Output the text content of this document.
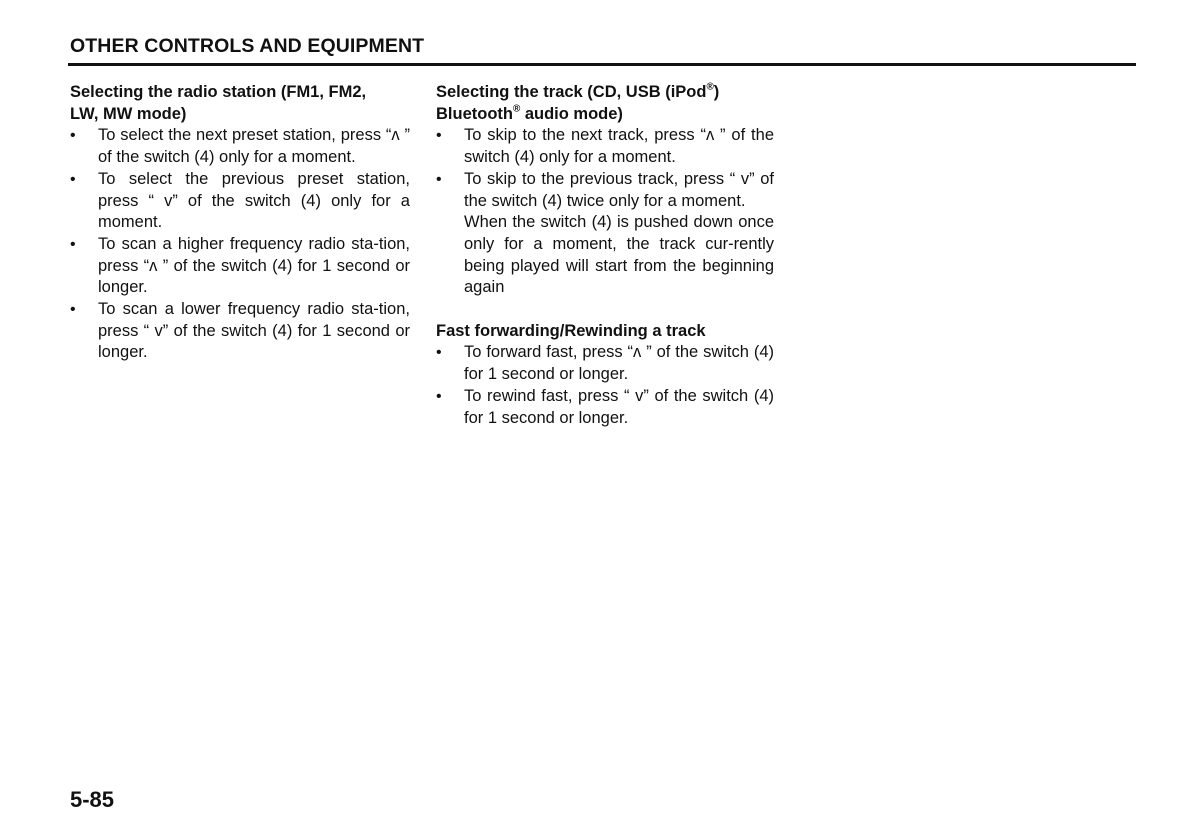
OTHER CONTROLS AND EQUIPMENT

Selecting the radio station (FM1, FM2,
LW, MW mode)

• To select the next preset station, press “ʌ ” of the switch (4) only for a moment.
• To select the previous preset station, press “ v” of the switch (4) only for a moment.
• To scan a higher frequency radio sta-tion, press “ʌ ” of the switch (4) for 1 second or longer.
• To scan a lower frequency radio sta-tion, press “ v” of the switch (4) for 1 second or longer.

Selecting the track (CD, USB (iPod®)
Bluetooth® audio mode)

• To skip to the next track, press “ʌ ” of the switch (4) only for a moment.
• To skip to the previous track, press “ v” of the switch (4) twice only for a moment.

When the switch (4) is pushed down once only for a moment, the track cur-rently being played will start from the beginning again

Fast forwarding/Rewinding a track

• To forward fast, press “ʌ ” of the switch (4) for 1 second or longer.
• To rewind fast, press “ v” of the switch (4) for 1 second or longer.
5-85
